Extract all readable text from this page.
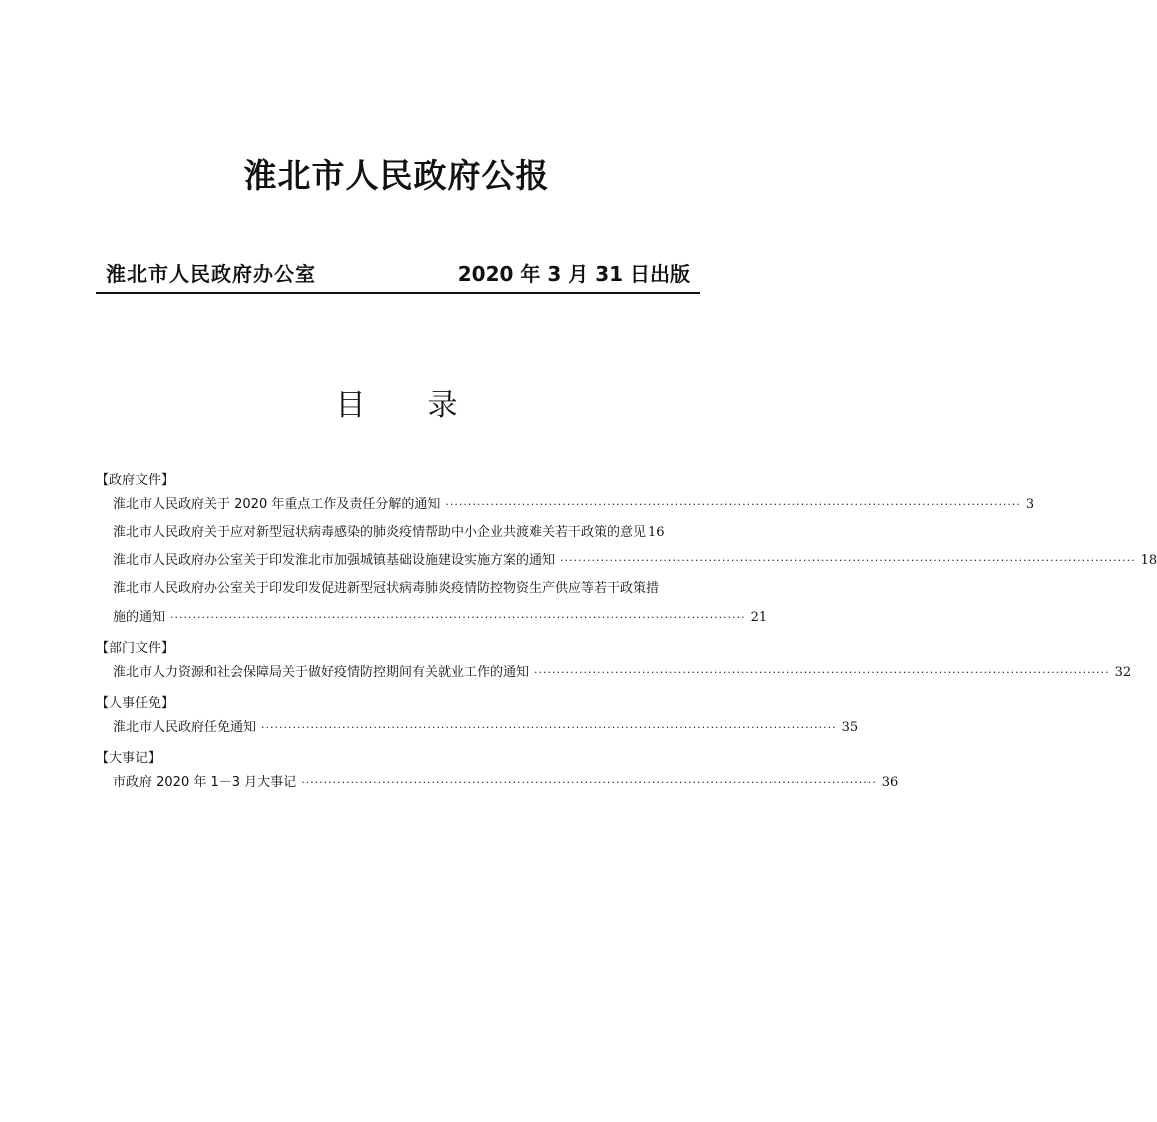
淮北市人民政府公报
淮北市人民政府办公室	2020 年 3 月 31 日出版
目 录
【政府文件】
淮北市人民政府关于 2020 年重点工作及责任分解的通知 ································································································································ 3
淮北市人民政府关于应对新型冠状病毒感染的肺炎疫情帮助中小企业共渡难关若干政策的意见 16
淮北市人民政府办公室关于印发淮北市加强城镇基础设施建设实施方案的通知 ································································································································ 18
淮北市人民政府办公室关于印发印发促进新型冠状病毒肺炎疫情防控物资生产供应等若干政策措
施的通知 ································································································································ 21
【部门文件】
淮北市人力资源和社会保障局关于做好疫情防控期间有关就业工作的通知 ································································································································ 32
【人事任免】
淮北市人民政府任免通知 ································································································································ 35
【大事记】
市政府 2020 年 1－3 月大事记 ································································································································ 36
